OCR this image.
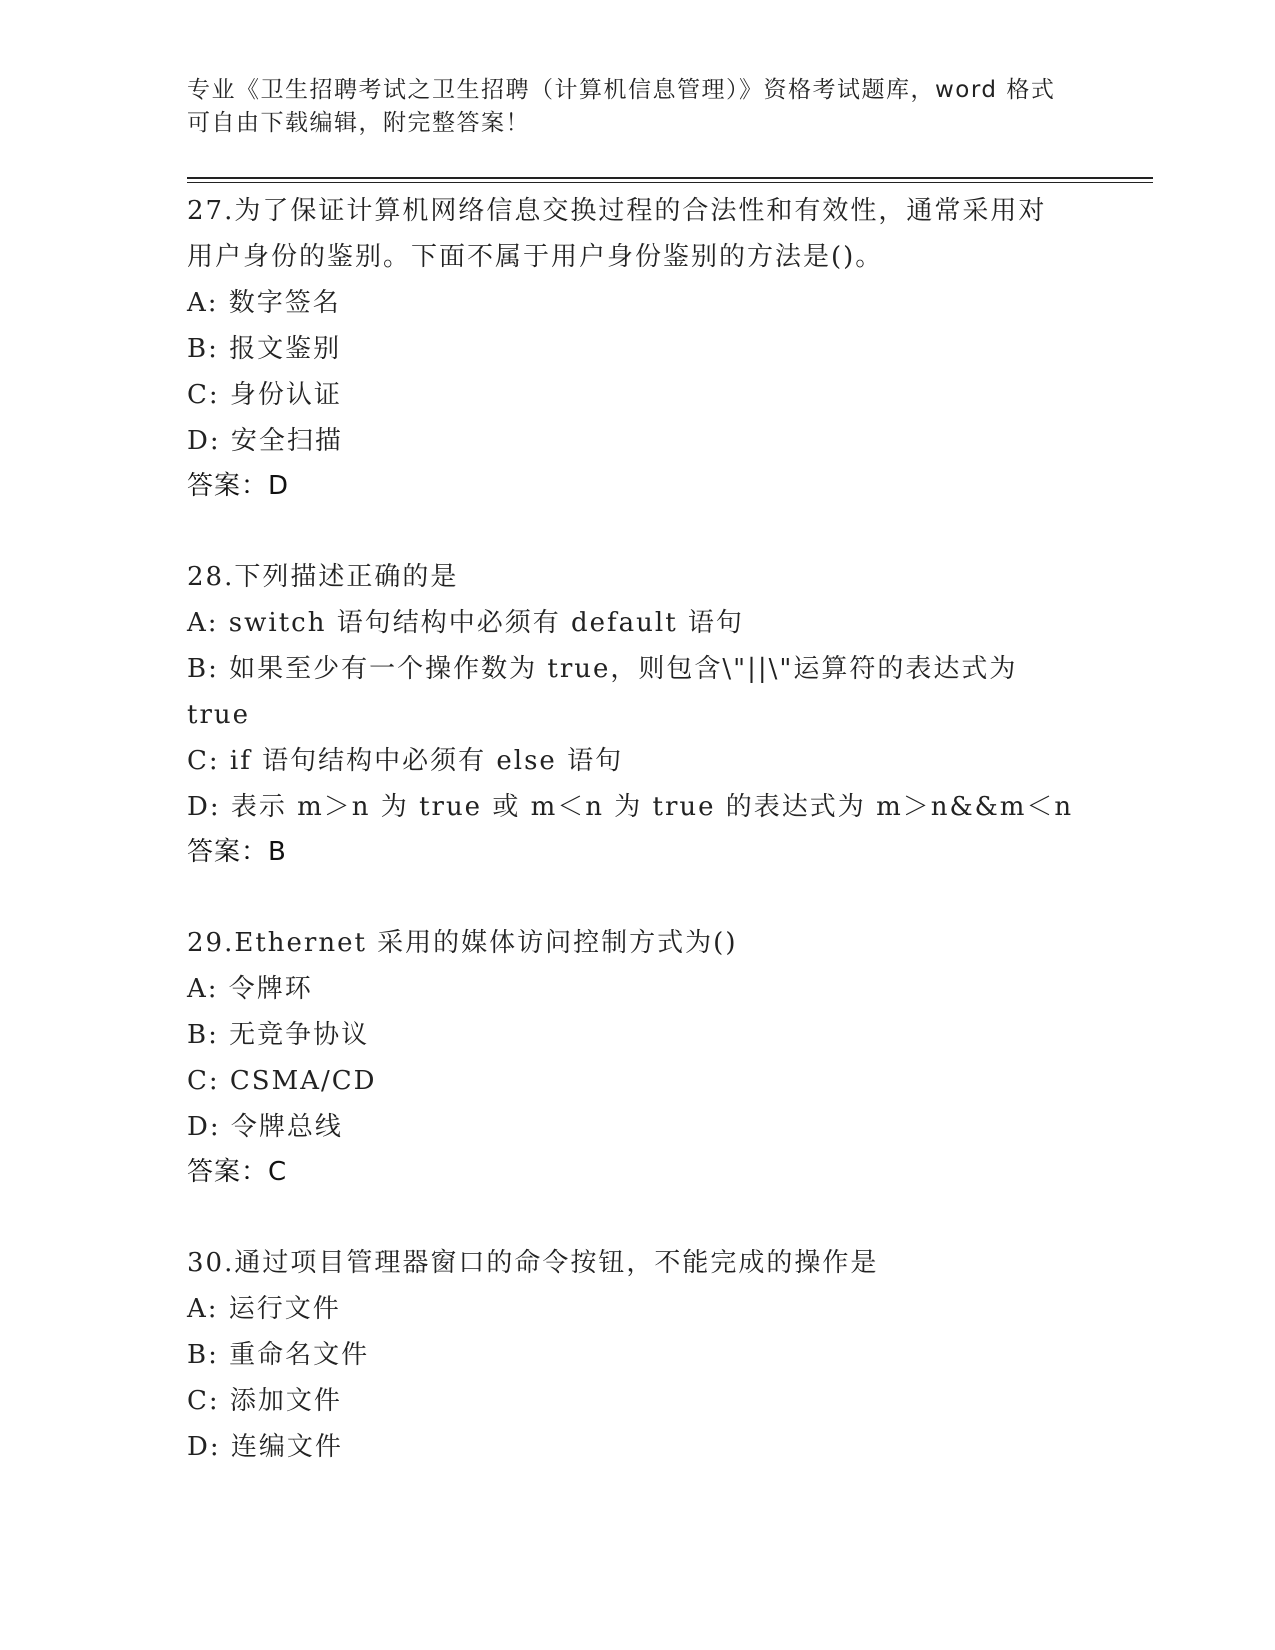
专业《卫生招聘考试之卫生招聘（计算机信息管理）》资格考试题库，word 格式
可自由下载编辑，附完整答案！
27.为了保证计算机网络信息交换过程的合法性和有效性，通常采用对
用户身份的鉴别。下面不属于用户身份鉴别的方法是()。
A: 数字签名
B: 报文鉴别
C: 身份认证
D: 安全扫描
答案：D
28.下列描述正确的是
A: switch 语句结构中必须有 default 语句
B: 如果至少有一个操作数为 true，则包含\"||\"运算符的表达式为
true
C: if 语句结构中必须有 else 语句
D: 表示 m＞n 为 true 或 m＜n 为 true 的表达式为 m＞n&&m＜n
答案：B
29.Ethernet 采用的媒体访问控制方式为()
A: 令牌环
B: 无竞争协议
C: CSMA/CD
D: 令牌总线
答案：C
30.通过项目管理器窗口的命令按钮，不能完成的操作是
A: 运行文件
B: 重命名文件
C: 添加文件
D: 连编文件
